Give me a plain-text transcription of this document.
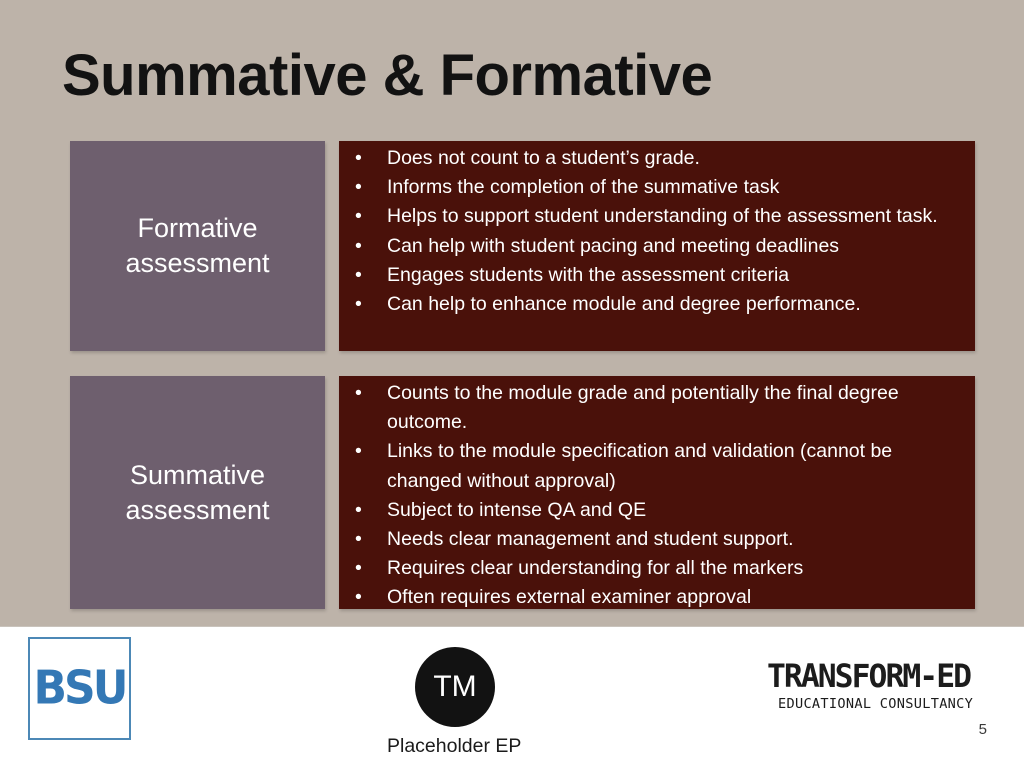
Summative & Formative
Formative
assessment
• Does not count to a student’s grade.
• Informs the completion of the summative task
• Helps to support student understanding of the assessment task.
• Can help with student pacing and meeting deadlines
• Engages students with the assessment criteria
• Can help to enhance module and degree performance.
Summative
assessment
• Counts to the module grade and potentially the final degree outcome.
• Links to the module specification and validation (cannot be changed without approval)
• Subject to intense QA and QE
• Needs clear management and student support.
• Requires clear understanding for all the markers
• Often requires external examiner approval
BSU	TM
Placeholder EP
TRANSFORM-ED
EDUCATIONAL CONSULTANCY
5
